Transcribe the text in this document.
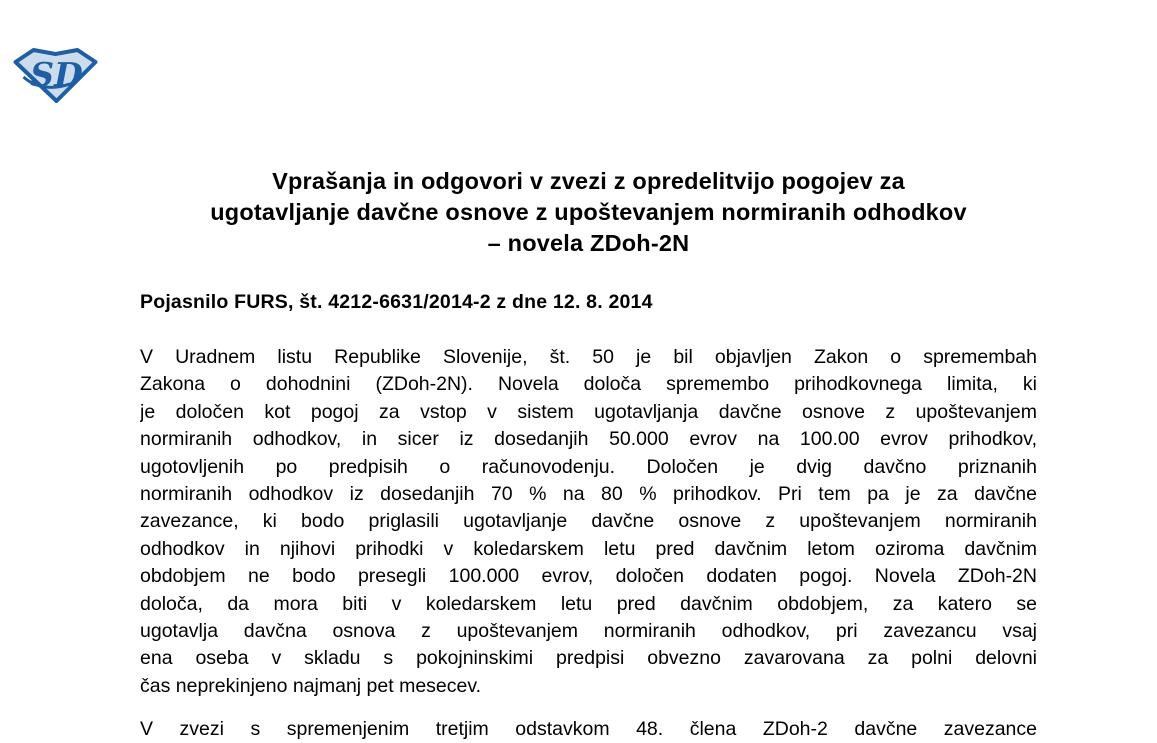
SD
Vprašanja in odgovori v zvezi z opredelitvijo pogojev za
ugotavljanje davčne osnove z upoštevanjem normiranih odhodkov
– novela ZDoh-2N
Pojasnilo FURS, št. 4212-6631/2014-2 z dne 12. 8. 2014
V Uradnem listu Republike Slovenije, št. 50 je bil objavljen Zakon o spremembah
Zakona o dohodnini (ZDoh-2N). Novela določa spremembo prihodkovnega limita, ki
je določen kot pogoj za vstop v sistem ugotavljanja davčne osnove z upoštevanjem
normiranih odhodkov, in sicer iz dosedanjih 50.000 evrov na 100.00 evrov prihodkov,
ugotovljenih po predpisih o računovodenju. Določen je dvig davčno priznanih
normiranih odhodkov iz dosedanjih 70 % na 80 % prihodkov. Pri tem pa je za davčne
zavezance, ki bodo priglasili ugotavljanje davčne osnove z upoštevanjem normiranih
odhodkov in njihovi prihodki v koledarskem letu pred davčnim letom oziroma davčnim
obdobjem ne bodo presegli 100.000 evrov, določen dodaten pogoj. Novela ZDoh-2N
določa, da mora biti v koledarskem letu pred davčnim obdobjem, za katero se
ugotavlja davčna osnova z upoštevanjem normiranih odhodkov, pri zavezancu vsaj
ena oseba v skladu s pokojninskimi predpisi obvezno zavarovana za polni delovni
čas neprekinjeno najmanj pet mesecev.
V zvezi s spremenjenim tretjim odstavkom 48. člena ZDoh-2 davčne zavezance
